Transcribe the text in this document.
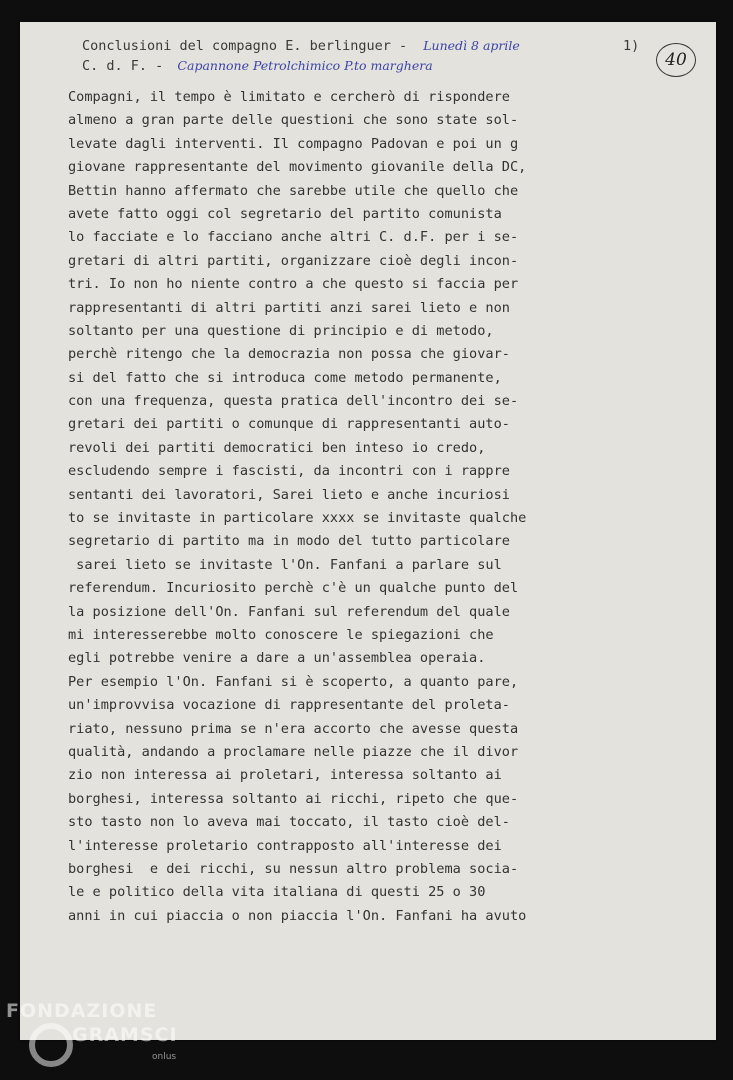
Conclusioni del compagno E. berlinguer - Lunedì 8 aprile
C. d. F. - Capannone Petrolchimico P.to marghera
1)
40
Compagni, il tempo è limitato e cercherò di rispondere
almeno a gran parte delle questioni che sono state sol-
levate dagli interventi. Il compagno Padovan e poi un g
giovane rappresentante del movimento giovanile della DC,
Bettin hanno affermato che sarebbe utile che quello che
avete fatto oggi col segretario del partito comunista
lo facciate e lo facciano anche altri C. d.F. per i se-
gretari di altri partiti, organizzare cioè degli incon-
tri. Io non ho niente contro a che questo si faccia per
rappresentanti di altri partiti anzi sarei lieto e non
soltanto per una questione di principio e di metodo,
perchè ritengo che la democrazia non possa che giovar-
si del fatto che si introduca come metodo permanente,
con una frequenza, questa pratica dell'incontro dei se-
gretari dei partiti o comunque di rappresentanti auto-
revoli dei partiti democratici ben inteso io credo,
escludendo sempre i fascisti, da incontri con i rappre
sentanti dei lavoratori, Sarei lieto e anche incuriosi
to se invitaste in particolare xxxx se invitaste qualche
segretario di partito ma in modo del tutto particolare
sarei lieto se invitaste l'On. Fanfani a parlare sul
referendum. Incuriosito perchè c'è un qualche punto del
la posizione dell'On. Fanfani sul referendum del quale
mi interesserebbe molto conoscere le spiegazioni che
egli potrebbe venire a dare a un'assemblea operaia.
Per esempio l'On. Fanfani si è scoperto, a quanto pare,
un'improvvisa vocazione di rappresentante del proleta-
riato, nessuno prima se n'era accorto che avesse questa
qualità, andando a proclamare nelle piazze che il divor
zio non interessa ai proletari, interessa soltanto ai
borghesi, interessa soltanto ai ricchi, ripeto che que-
sto tasto non lo aveva mai toccato, il tasto cioè del-
l'interesse proletario contrapposto all'interesse dei
borghesi  e dei ricchi, su nessun altro problema socia-
le e politico della vita italiana di questi 25 o 30
anni in cui piaccia o non piaccia l'On. Fanfani ha avuto
FONDAZIONE
GRAMSCI
onlus
